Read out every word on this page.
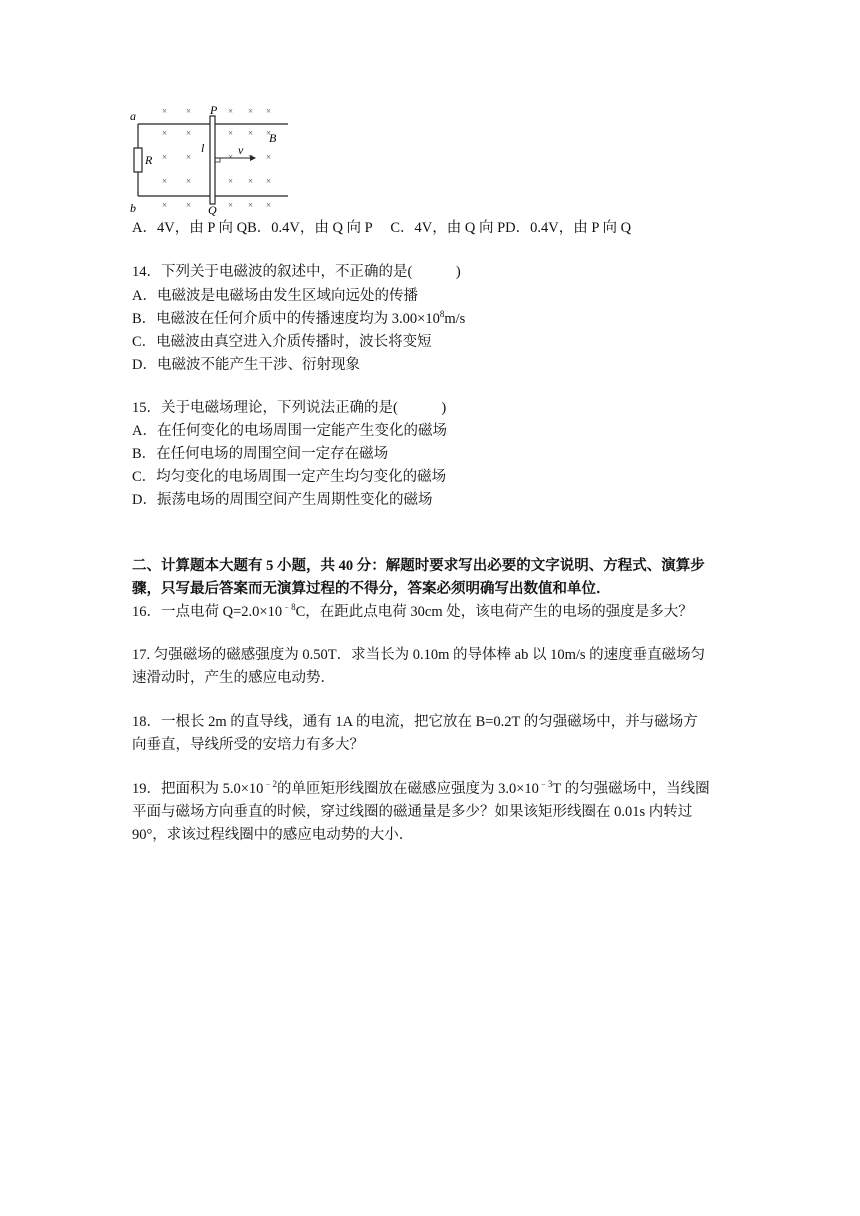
a
b
P
Q
R
B
l	v
× ×	× × ×
× ×	× × ×
× ×	× × ×
× ×	× × ×
× ×	× × ×
A．4V，由 P 向 QB．0.4V，由 Q 向 P　 C．4V，由 Q 向 PD．0.4V，由 P 向 Q
14．下列关于电磁波的叙述中，不正确的是(　　　)
A．电磁波是电磁场由发生区域向远处的传播
B．电磁波在任何介质中的传播速度均为 $3.00\times 10^8m/s$
C．电磁波由真空进入介质传播时，波长将变短
D．电磁波不能产生干涉、衍射现象
15．关于电磁场理论，下列说法正确的是(　　　)
A．在任何变化的电场周围一定能产生变化的磁场
B．在任何电场的周围空间一定存在磁场
C．均匀变化的电场周围一定产生均匀变化的磁场
D．振荡电场的周围空间产生周期性变化的磁场
二、计算题本大题有 5 小题，共 40 分：解题时要求写出必要的文字说明、方程式、演算步
骤，只写最后答案而无演算过程的不得分，答案必须明确写出数值和单位．
16．一点电荷 $Q=2.0\times 10^{﹣8}C$，在距此点电荷 30cm 处，该电荷产生的电场的强度是多大？
17. 匀强磁场的磁感强度为 0.50T．求当长为 0.10m 的导体棒 ab 以 10m/s 的速度垂直磁场匀
速滑动时，产生的感应电动势．
18．一根长 2m 的直导线，通有 1A 的电流，把它放在 B=0.2T 的匀强磁场中，并与磁场方
向垂直，导线所受的安培力有多大？
19．把面积为 $5.0\times 10^{﹣2}$的单匝矩形线圈放在磁感应强度为 $3.0\times 10^{﹣3}T$ 的匀强磁场中，当线圈
平面与磁场方向垂直的时候，穿过线圈的磁通量是多少？如果该矩形线圈在 0.01s 内转过
90°，求该过程线圈中的感应电动势的大小．
